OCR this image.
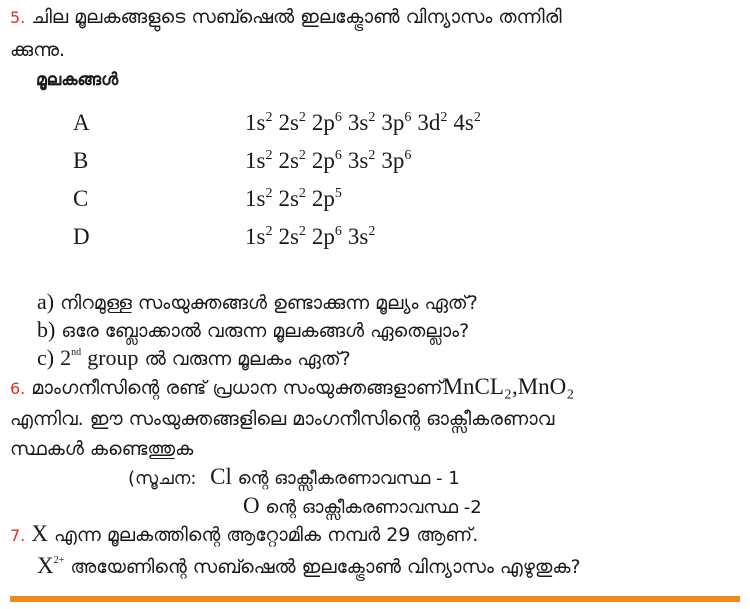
5. ചില മൂലകങ്ങളുടെ സബ്ഷെൽ ഇലക്ട്രോൺ വിന്യാസം തന്നിരി
ക്കുന്നു.
മൂലകങ്ങൾ
A	$1s^2$ $2s^2$ $2p^6$ $3s^2$ $3p^6$ $3d^2$ $4s^2$
B	$1s^2$ $2s^2$ $2p^6$ $3s^2$ $3p^6$
C	$1s^2$ $2s^2$ $2p^5$
D	$1s^2$ $2s^2$ $2p^6$ $3s^2$
a) നിറമുള്ള സംയുക്തങ്ങൾ ഉണ്ടാക്കുന്ന മൂല്യം ഏത്?
b) ഒരേ ബ്ലോക്കാൽ വരുന്ന മൂലകങ്ങൾ ഏതെല്ലാം?
c) 2nd group ൽ വരുന്ന മൂലകം ഏത്?
6. മാംഗനീസിന്റെ രണ്ട് പ്രധാന സംയുക്തങ്ങളാണ്MnCL₂,MnO₂
എന്നിവ. ഈ സംയുക്തങ്ങളിലെ മാംഗനീസിന്റെ ഓക്സീകരണാവ
സ്ഥകൾ കണ്ടെത്തുക
(സൂചന: Cl ന്റെ ഓക്സീകരണാവസ്ഥ - 1
O ന്റെ ഓക്സീകരണാവസ്ഥ -2
7. X എന്ന മൂലകത്തിന്റെ ആറ്റോമിക നമ്പർ 29 ആണ്.
$X^{2+}$ അയേണിന്റെ സബ്ഷെൽ ഇലക്ട്രോൺ വിന്യാസം എഴുതുക?
